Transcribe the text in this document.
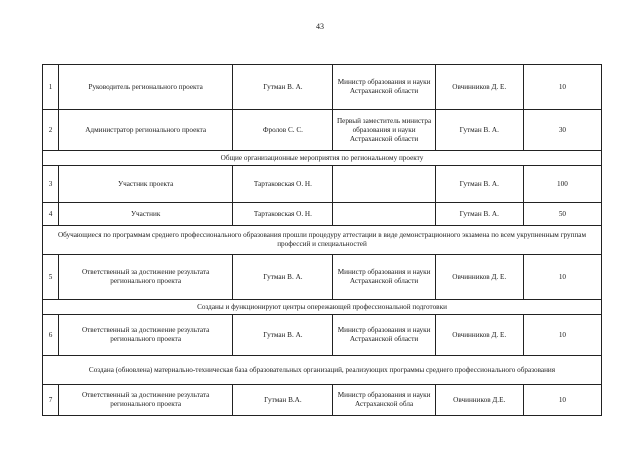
43
1	Руководитель регионального проекта	Гутман В. А.	Министр образования и науки Астраханской области	Овчинников Д. Е.	10
2	Администратор регионального проекта	Фролов С. С.	Первый заместитель министра образования и науки Астраханской области	Гутман В. А.	30
Общие организационные мероприятия по региональному проекту					
3	Участник проекта	Тартаковская О. Н.		Гутман В. А.	100
4	Участник	Тартаковская О. Н.		Гутман В. А.	50
Обучающиеся по программам среднего профессионального образования прошли процедуру аттестации в виде демонстрационного экзамена по всем укрупненным группам профессий и специальностей					
5	Ответственный за достижение результата регионального проекта	Гутман В. А.	Министр образования и науки Астраханской области	Овчинников Д. Е.	10
Созданы и функционируют центры опережающей профессиональной подготовки					
6	Ответственный за достижение результата регионального проекта	Гутман В. А.	Министр образования и науки Астраханской области	Овчинников Д. Е.	10
Создана (обновлена) материально-техническая база образовательных организаций, реализующих программы среднего профессионального образования					
7	Ответственный за достижение результата регионального проекта	Гутман В.А.	Министр образования и науки Астраханской обла	Овчинников Д.Е.	10
